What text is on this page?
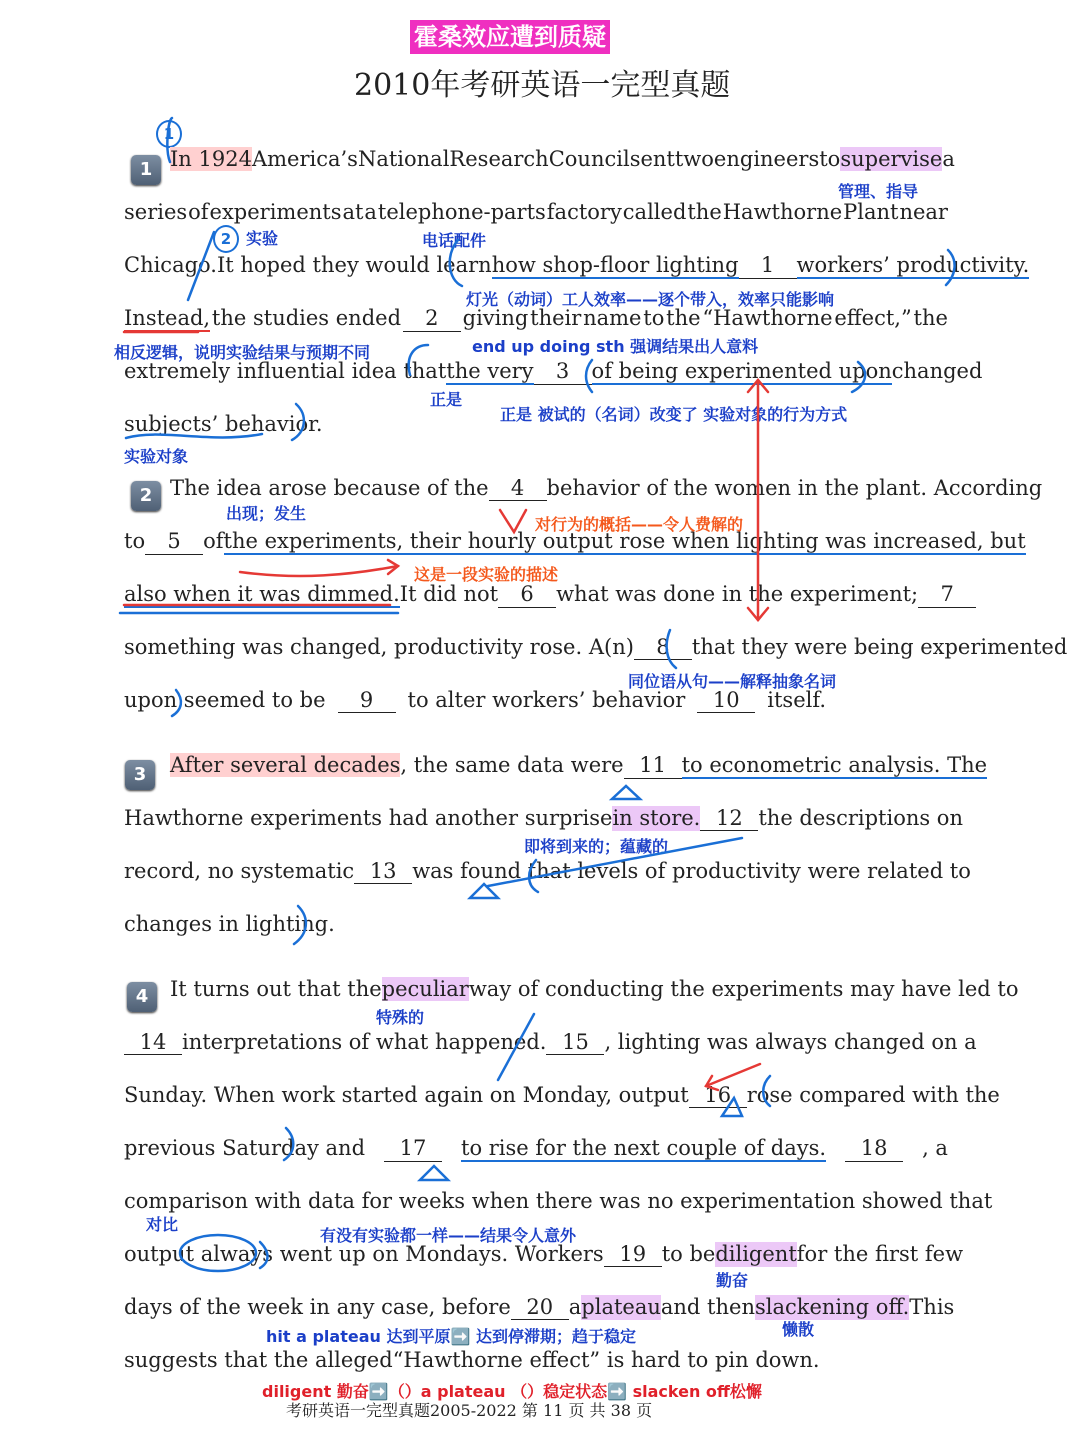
霍桑效应遭到质疑
2010年考研英语一完型真题
1
1
In 1924 America’s National Research Council sent two engineers to supervise a
series of experiments at a telephone-parts factory called the Hawthorne Plant near
Chicago. It hoped they would learn how shop-floor lighting	1	workers’ productivity.
Instead, the studies ended	2	giving their name to the “Hawthorne effect,” the
extremely influential idea that the very	3	of being experimented upon changed
subjects’ behavior.
2 The idea arose because of the	4	behavior of the women in the plant. According
to	5	of the experiments, their hourly output rose when lighting was increased, but
also when it was dimmed. It did not	6	what was done in the experiment;	7
something was changed, productivity rose. A(n)	8	that they were being experimented
upon seemed to be	9	to alter workers’ behavior	10	itself.
3	After several decades, the same data were 11 to econometric analysis. The
Hawthorne experiments had another surprise in store. 12 the descriptions on
record, no systematic 13 was found that levels of productivity were related to
changes in lighting.
4	It turns out that the peculiar way of conducting the experiments may have led to
14 interpretations of what happened. 15 , lighting was always changed on a
Sunday. When work started again on Monday, output 16 rose compared with the
previous Saturday and	17	to rise for the next couple of days.	18	, a
comparison with data for weeks when there was no experimentation showed that
output always went up on Mondays. Workers 19 to be diligent for the first few
days of the week in any case, before 20 a plateau and then slackening off. This
suggests that the alleged“Hawthorne effect” is hard to pin down.
管理、指导
2 实验	电话配件
灯光（动词）工人效率——逐个带入，效率只能影响
相反逻辑，说明实验结果与预期不同	end up doing sth 强调结果出人意料
正是
正是 被试的（名词）改变了 实验对象的行为方式
实验对象
出现；发生
对行为的概括——令人费解的
这是一段实验的描述
同位语从句——解释抽象名词
即将到来的；蕴藏的
特殊的
对比
有没有实验都一样——结果令人意外
勤奋
hit a plateau 达到平原➡️ 达到停滞期；趋于稳定	懒散
diligent 勤奋➡️（）a plateau （）稳定状态➡️ slacken off松懈
考研英语一完型真题2005-2022 第 11 页 共 38 页
